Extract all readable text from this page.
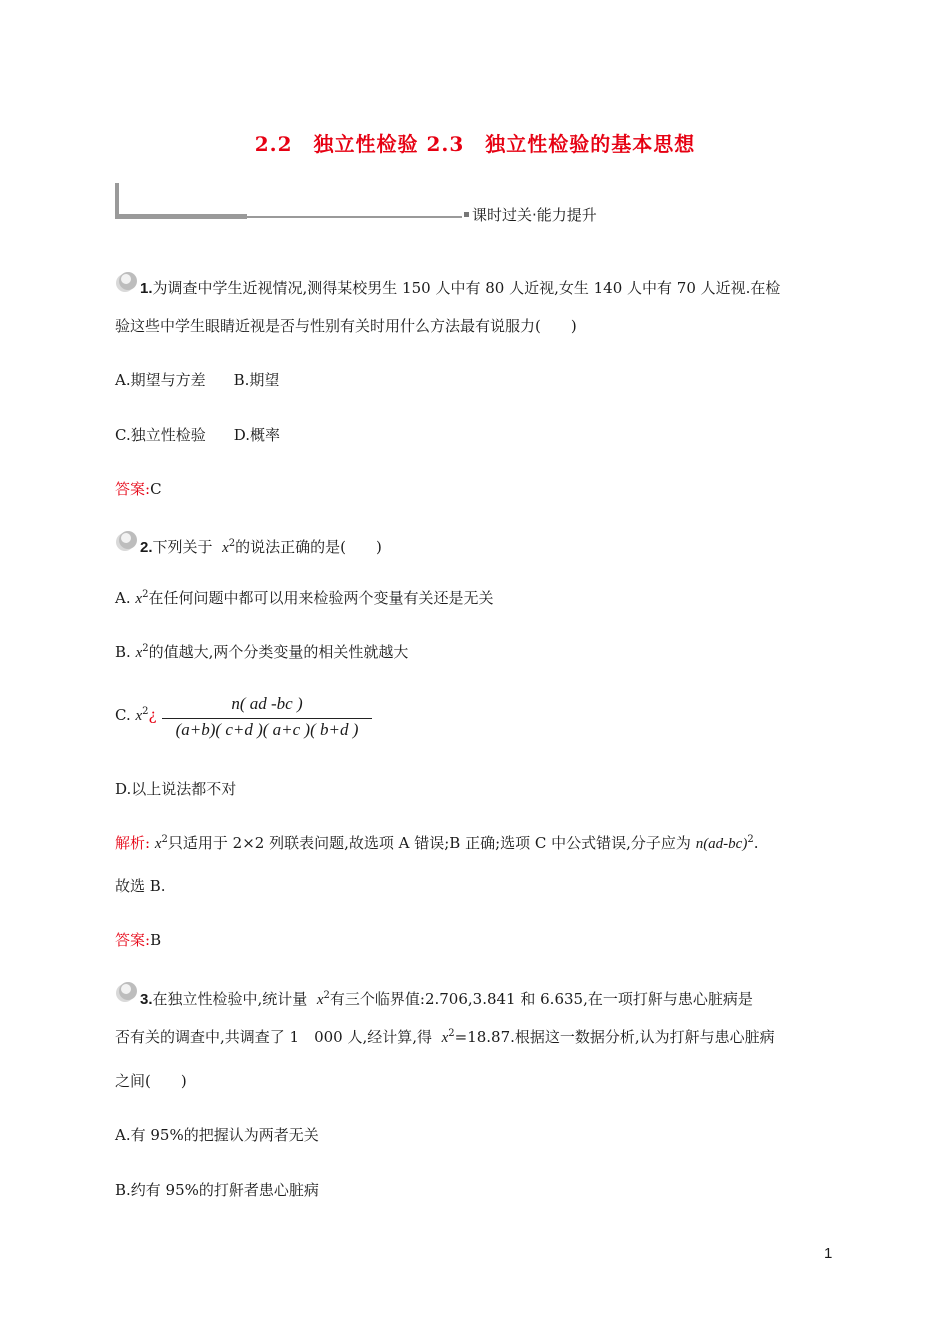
2.2　独立性检验 2.3　独立性检验的基本思想
课时过关·能力提升
1.为调查中学生近视情况,测得某校男生 150 人中有 80 人近视,女生 140 人中有 70 人近视.在检
验这些中学生眼睛近视是否与性别有关时用什么方法最有说服力(　　)
A.期望与方差 B.期望
C.独立性检验 D.概率
答案:C
2.下列关于 $x^2$的说法正确的是(　　)
A. $x^2$在任何问题中都可以用来检验两个变量有关还是无关
B. $x^2$的值越大,两个分类变量的相关性就越大
C. $x^2¿$
n( ad -bc )
(a+b)( c+d )( a+c )( b+d )
D.以上说法都不对
解析: $x^2$只适用于 2×2 列联表问题,故选项 A 错误;B 正确;选项 C 中公式错误,分子应为 $n(ad-bc)^2$.
故选 B.
答案:B
3.在独立性检验中,统计量 $x^2$有三个临界值:2.706,3.841 和 6.635,在一项打鼾与患心脏病是
否有关的调查中,共调查了 1　000 人,经计算,得 $x^2=18.87$.根据这一数据分析,认为打鼾与患心脏病
之间(　　)
A.有 95%的把握认为两者无关
B.约有 95%的打鼾者患心脏病
1
